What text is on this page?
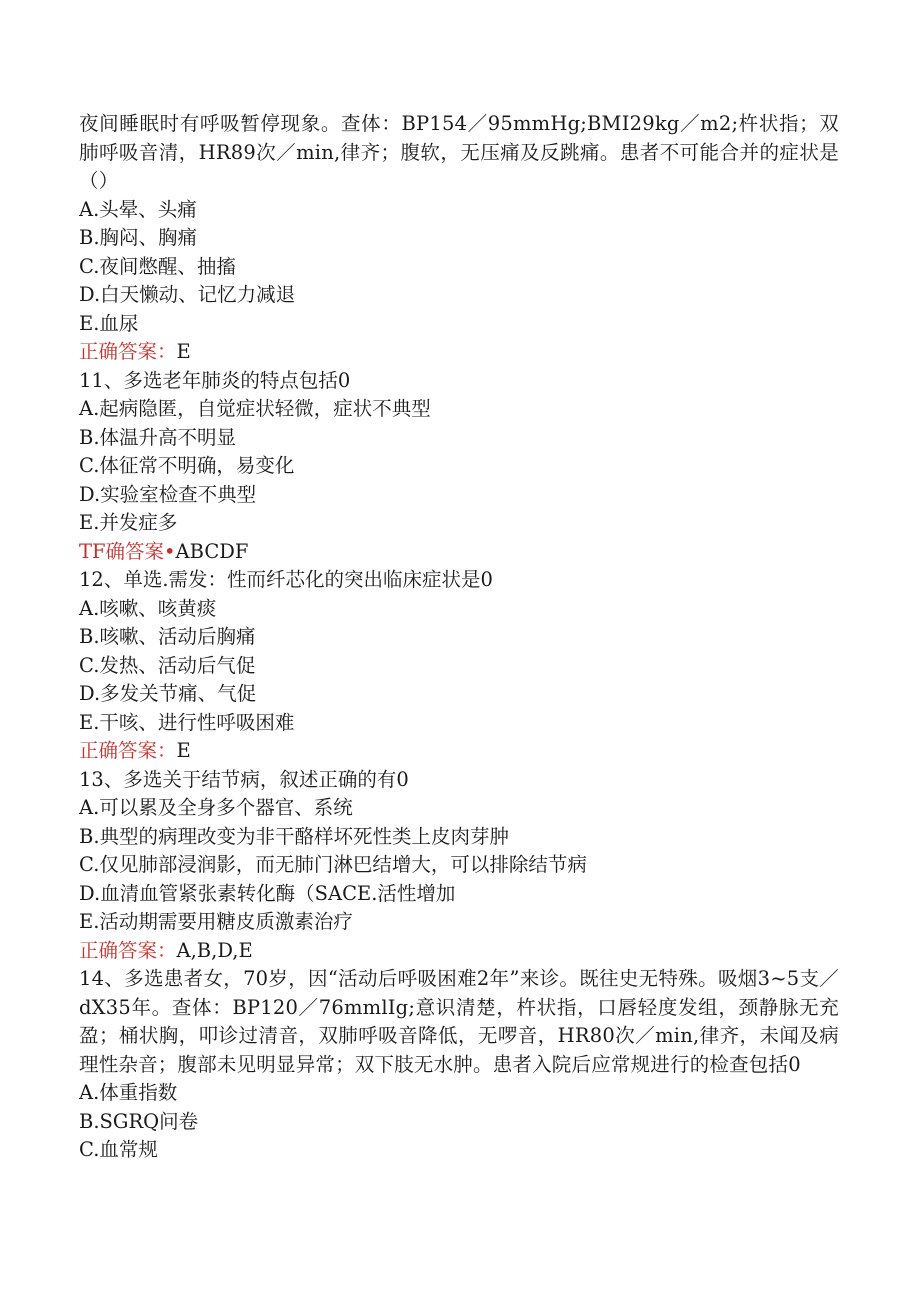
夜间睡眠时有呼吸暂停现象。查体：BP154／95mmHg;BMI29kg／m2;杵状指；双肺呼吸音清，HR89次／min,律齐；腹软，无压痛及反跳痛。患者不可能合并的症状是（）
A.头晕、头痛
B.胸闷、胸痛
C.夜间憋醒、抽搐
D.白天懒动、记忆力减退
E.血尿
正确答案：E
11、多选老年肺炎的特点包括0
A.起病隐匿，自觉症状轻微，症状不典型
B.体温升高不明显
C.体征常不明确，易变化
D.实验室检查不典型
E.并发症多
TF确答案•ABCDF
12、单选.需发：性而纤芯化的突出临床症状是0
A.咳嗽、咳黄痰
B.咳嗽、活动后胸痛
C.发热、活动后气促
D.多发关节痛、气促
E.干咳、进行性呼吸困难
正确答案：E
13、多选关于结节病，叙述正确的有0
A.可以累及全身多个器官、系统
B.典型的病理改变为非干酪样坏死性类上皮肉芽肿
C.仅见肺部浸润影，而无肺门淋巴结增大，可以排除结节病
D.血清血管紧张素转化酶（SACE.活性增加
E.活动期需要用糖皮质激素治疗
正确答案：A,B,D,E
14、多选患者女，70岁，因“活动后呼吸困难2年”来诊。既往史无特殊。吸烟3~5支／dX35年。查体：BP120／76mmlIg;意识清楚，杵状指，口唇轻度发组，颈静脉无充盈；桶状胸，叩诊过清音，双肺呼吸音降低，无啰音，HR80次／min,律齐，未闻及病理性杂音；腹部未见明显异常；双下肢无水肿。患者入院后应常规进行的检查包括0
A.体重指数
B.SGRQ问卷
C.血常规
